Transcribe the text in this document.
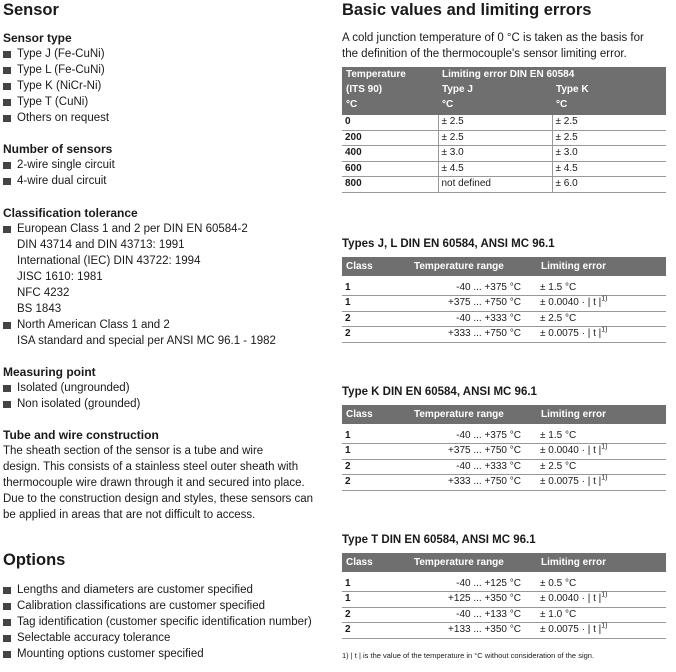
Sensor
Sensor type
Type J (Fe-CuNi)
Type L (Fe-CuNi)
Type K (NiCr-Ni)
Type T (CuNi)
Others on request
Number of sensors
2-wire single circuit
4-wire dual circuit
Classification tolerance
European Class 1 and 2 per DIN EN 60584-2
DIN 43714 and DIN 43713: 1991
International (IEC) DIN 43722: 1994
JISC 1610: 1981
NFC 4232
BS 1843
North American Class 1 and 2
ISA standard and special per ANSI MC 96.1 - 1982
Measuring point
Isolated (ungrounded)
Non isolated (grounded)
Tube and wire construction
The sheath section of the sensor is a tube and wire
design. This consists of a stainless steel outer sheath with
thermocouple wire drawn through it and secured into place.
Due to the construction design and styles, these sensors can
be applied in areas that are not difficult to access.
Options
Lengths and diameters are customer specified
Calibration classifications are customer specified
Tag identification (customer specific identification number)
Selectable accuracy tolerance
Mounting options customer specified
Basic values and limiting errors
A cold junction temperature of 0 °C is taken as the basis for
the definition of the thermocouple's sensor limiting error.
Temperature	Limiting error DIN EN 60584	
(ITS 90)	Type J	Type K
°C	°C	°C
0	± 2.5	± 2.5
200	± 2.5	± 2.5
400	± 3.0	± 3.0
600	± 4.5	± 4.5
800	not defined	± 6.0
Types J, L DIN EN 60584, ANSI MC 96.1
Class	Temperature range	Limiting error

1	-40 ... +375 °C	± 1.5 °C
1	+375 ... +750 °C	± 0.0040 · | t $|^{1)}$
2	-40 ... +333 °C	± 2.5 °C
2	+333 ... +750 °C	± 0.0075 · | t $|^{1)}$
Type K DIN EN 60584, ANSI MC 96.1
Class	Temperature range	Limiting error

1	-40 ... +375 °C	± 1.5 °C
1	+375 ... +750 °C	± 0.0040 · | t $|^{1)}$
2	-40 ... +333 °C	± 2.5 °C
2	+333 ... +750 °C	± 0.0075 · | t $|^{1)}$
Type T DIN EN 60584, ANSI MC 96.1
Class	Temperature range	Limiting error

1	-40 ... +125 °C	± 0.5 °C
1	+125 ... +350 °C	± 0.0040 · | t $|^{1)}$
2	-40 ... +133 °C	± 1.0 °C
2	+133 ... +350 °C	± 0.0075 · | t $|^{1)}$
1) | t | is the value of the temperature in °C without consideration of the sign.
